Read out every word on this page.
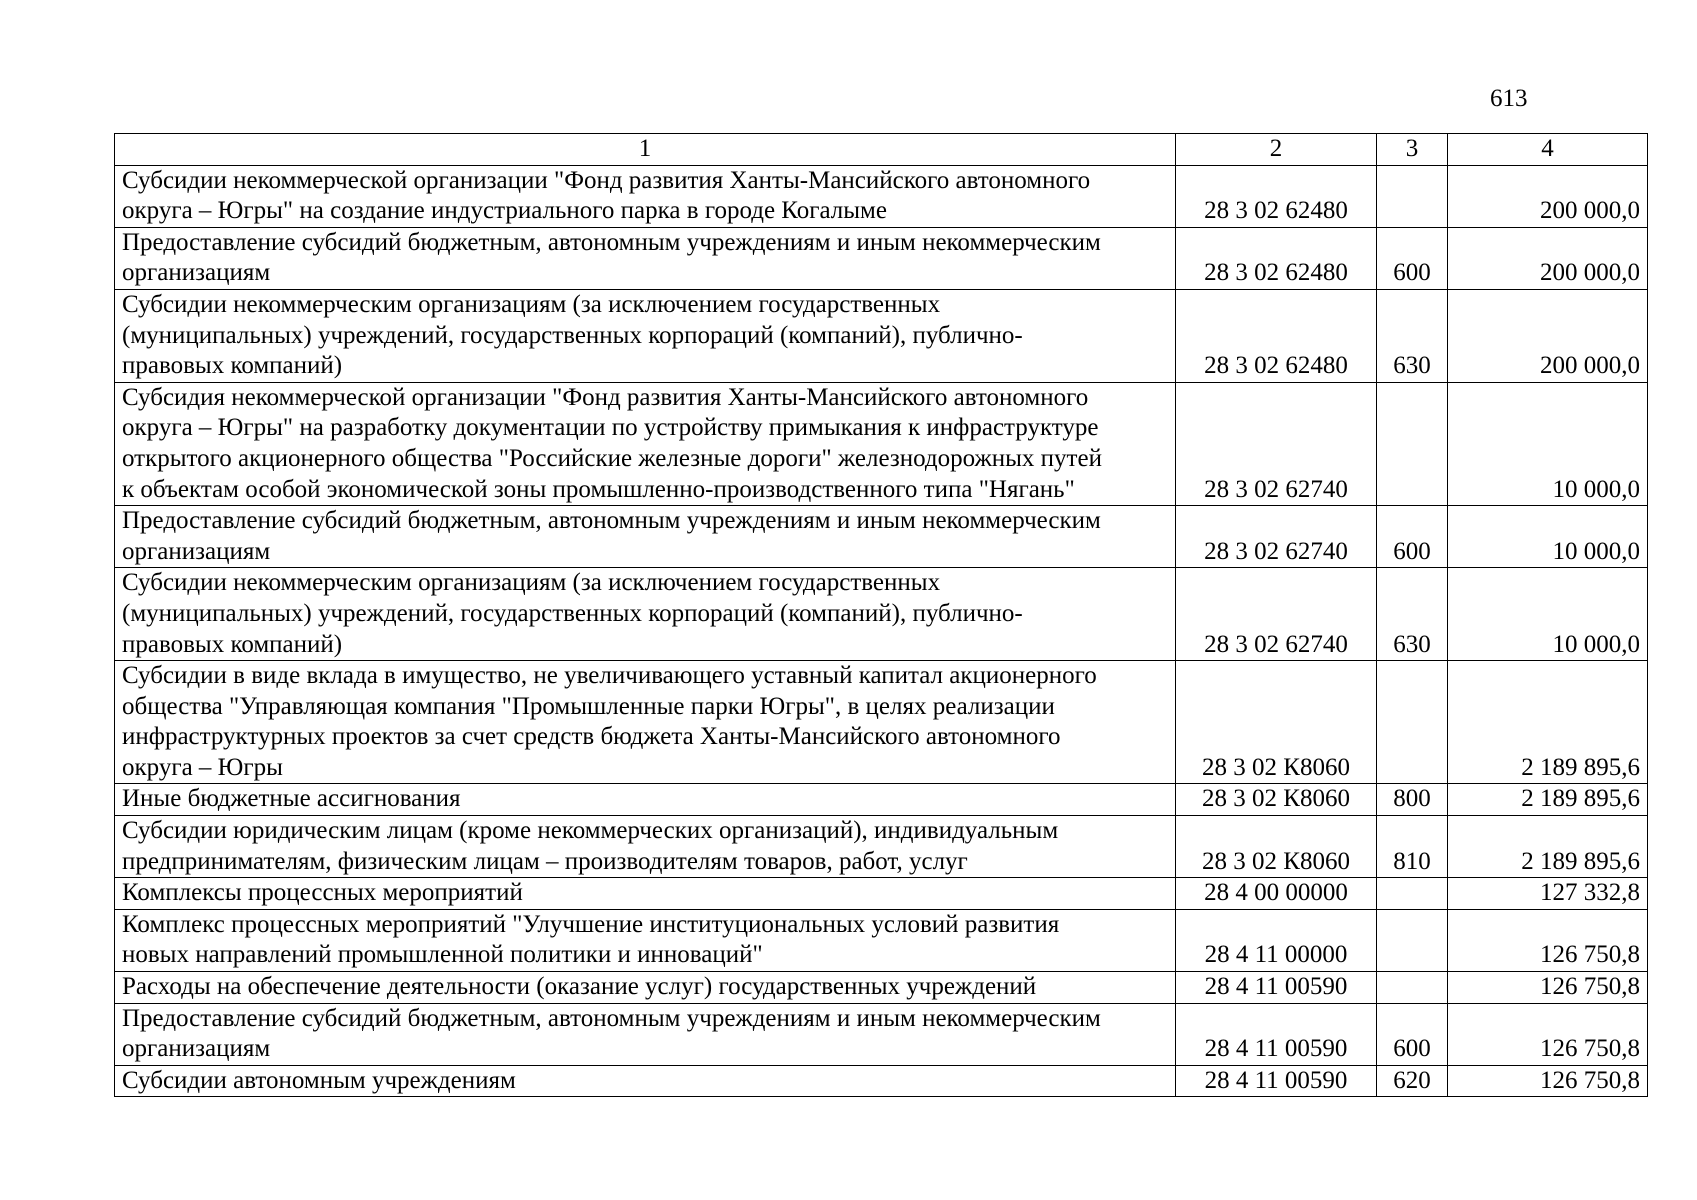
613
1	2	3	4
Субсидии некоммерческой организации "Фонд развития Ханты-Мансийского автономного
округа – Югры" на создание индустриального парка в городе Когалыме	28 3 02 62480		200 000,0
Предоставление субсидий бюджетным, автономным учреждениям и иным некоммерческим
организациям	28 3 02 62480	600	200 000,0
Субсидии некоммерческим организациям (за исключением государственных
(муниципальных) учреждений, государственных корпораций (компаний), публично-
правовых компаний)	28 3 02 62480	630	200 000,0
Субсидия некоммерческой организации "Фонд развития Ханты-Мансийского автономного
округа – Югры" на разработку документации по устройству примыкания к инфраструктуре
открытого акционерного общества "Российские железные дороги" железнодорожных путей
к объектам особой экономической зоны промышленно-производственного типа "Нягань"	28 3 02 62740		10 000,0
Предоставление субсидий бюджетным, автономным учреждениям и иным некоммерческим
организациям	28 3 02 62740	600	10 000,0
Субсидии некоммерческим организациям (за исключением государственных
(муниципальных) учреждений, государственных корпораций (компаний), публично-
правовых компаний)	28 3 02 62740	630	10 000,0
Субсидии в виде вклада в имущество, не увеличивающего уставный капитал акционерного
общества "Управляющая компания "Промышленные парки Югры", в целях реализации
инфраструктурных проектов за счет средств бюджета Ханты-Мансийского автономного
округа – Югры	28 3 02 К8060		2 189 895,6
Иные бюджетные ассигнования	28 3 02 К8060	800	2 189 895,6
Субсидии юридическим лицам (кроме некоммерческих организаций), индивидуальным
предпринимателям, физическим лицам – производителям товаров, работ, услуг	28 3 02 К8060	810	2 189 895,6
Комплексы процессных мероприятий	28 4 00 00000		127 332,8
Комплекс процессных мероприятий "Улучшение институциональных условий развития
новых направлений промышленной политики и инноваций"	28 4 11 00000		126 750,8
Расходы на обеспечение деятельности (оказание услуг) государственных учреждений	28 4 11 00590		126 750,8
Предоставление субсидий бюджетным, автономным учреждениям и иным некоммерческим
организациям	28 4 11 00590	600	126 750,8
Субсидии автономным учреждениям	28 4 11 00590	620	126 750,8
